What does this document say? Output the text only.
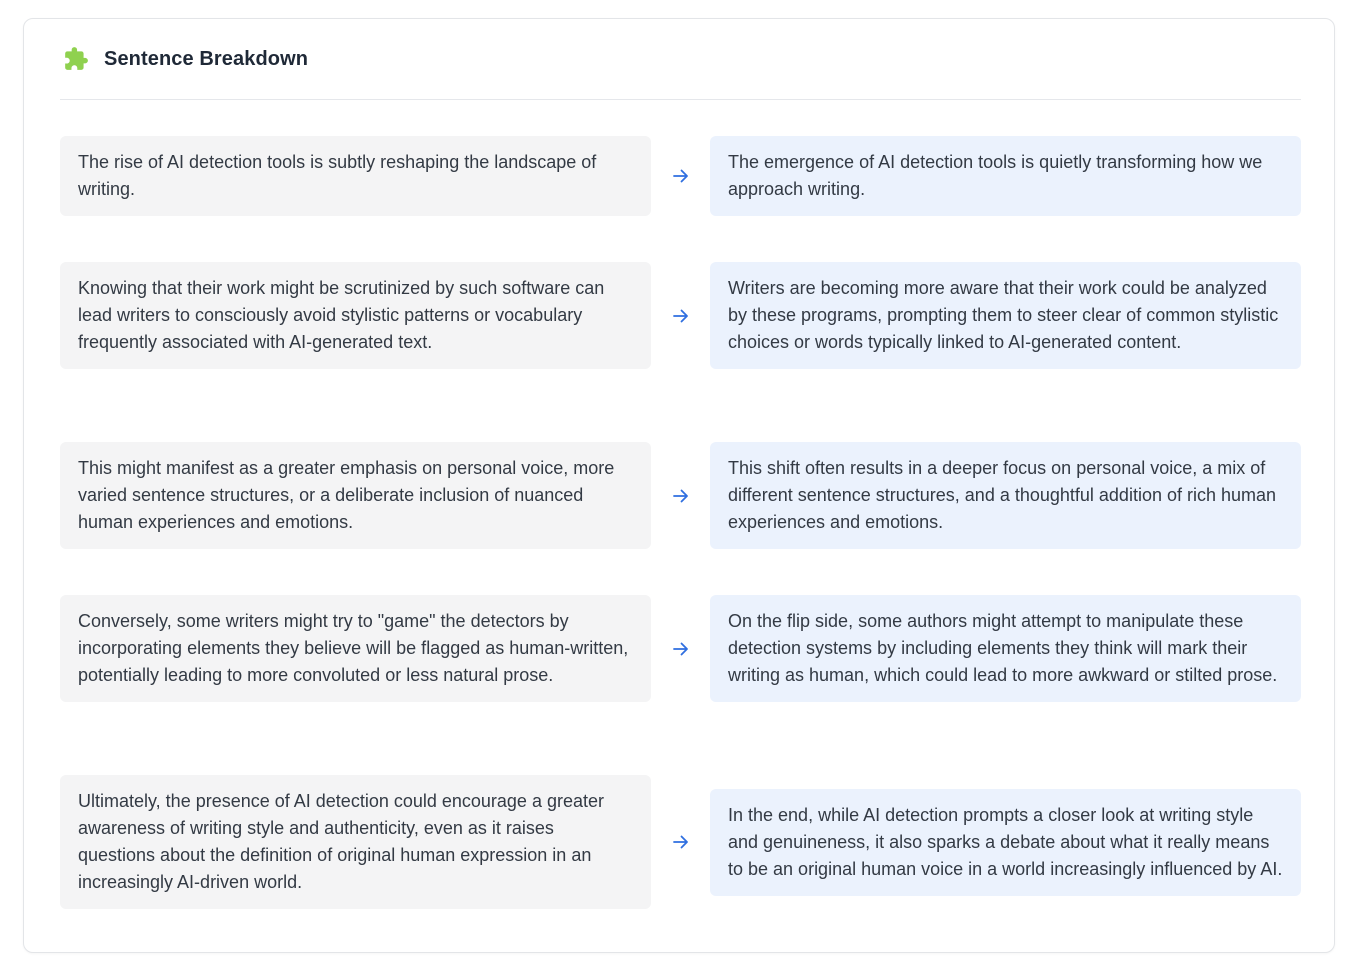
Sentence Breakdown
The rise of AI detection tools is subtly reshaping the landscape of writing.
The emergence of AI detection tools is quietly transforming how we approach writing.
Knowing that their work might be scrutinized by such software can lead writers to consciously avoid stylistic patterns or vocabulary frequently associated with AI-generated text.
Writers are becoming more aware that their work could be analyzed by these programs, prompting them to steer clear of common stylistic choices or words typically linked to AI-generated content.
This might manifest as a greater emphasis on personal voice, more varied sentence structures, or a deliberate inclusion of nuanced human experiences and emotions.
This shift often results in a deeper focus on personal voice, a mix of different sentence structures, and a thoughtful addition of rich human experiences and emotions.
Conversely, some writers might try to "game" the detectors by incorporating elements they believe will be flagged as human-written, potentially leading to more convoluted or less natural prose.
On the flip side, some authors might attempt to manipulate these detection systems by including elements they think will mark their writing as human, which could lead to more awkward or stilted prose.
Ultimately, the presence of AI detection could encourage a greater awareness of writing style and authenticity, even as it raises questions about the definition of original human expression in an increasingly AI-driven world.
In the end, while AI detection prompts a closer look at writing style and genuineness, it also sparks a debate about what it really means to be an original human voice in a world increasingly influenced by AI.
